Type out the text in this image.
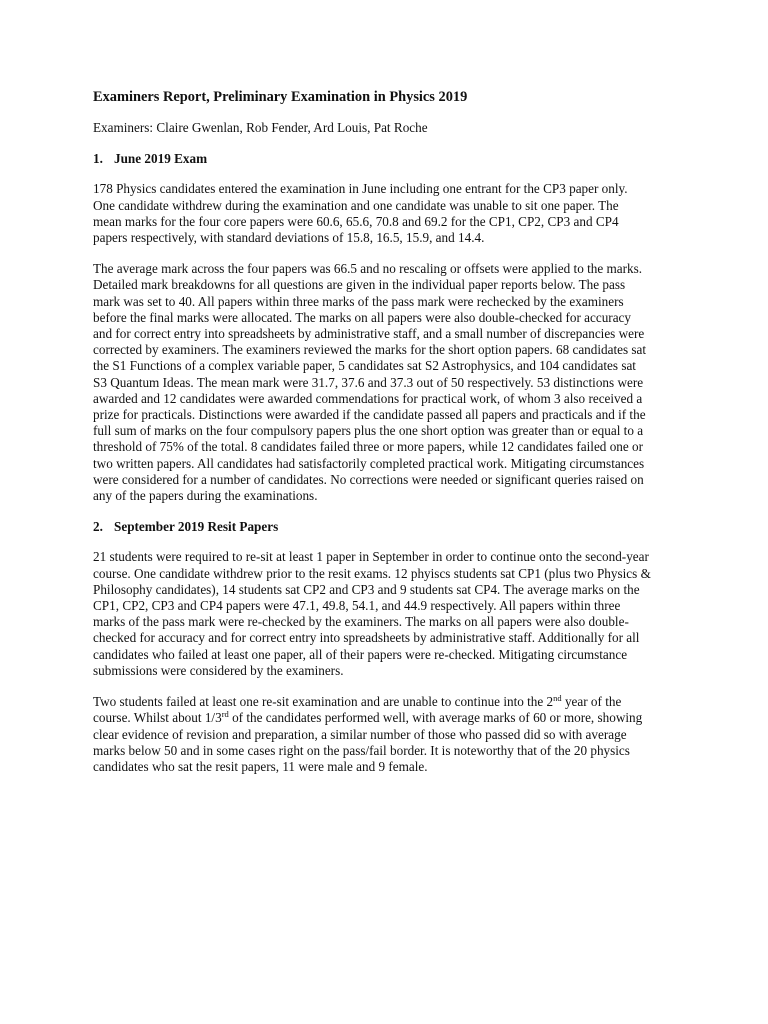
Examiners Report, Preliminary Examination in Physics 2019
Examiners: Claire Gwenlan, Rob Fender, Ard Louis, Pat Roche
1. June 2019 Exam
178 Physics candidates entered the examination in June including one entrant for the CP3 paper only.
One candidate withdrew during the examination and one candidate was unable to sit one paper. The
mean marks for the four core papers were 60.6, 65.6, 70.8 and 69.2 for the CP1, CP2, CP3 and CP4
papers respectively, with standard deviations of 15.8, 16.5, 15.9, and 14.4.
The average mark across the four papers was 66.5 and no rescaling or offsets were applied to the marks.
Detailed mark breakdowns for all questions are given in the individual paper reports below. The pass
mark was set to 40. All papers within three marks of the pass mark were rechecked by the examiners
before the final marks were allocated. The marks on all papers were also double-checked for accuracy
and for correct entry into spreadsheets by administrative staff, and a small number of discrepancies were
corrected by examiners. The examiners reviewed the marks for the short option papers. 68 candidates sat
the S1 Functions of a complex variable paper, 5 candidates sat S2 Astrophysics, and 104 candidates sat
S3 Quantum Ideas. The mean mark were 31.7, 37.6 and 37.3 out of 50 respectively. 53 distinctions were
awarded and 12 candidates were awarded commendations for practical work, of whom 3 also received a
prize for practicals. Distinctions were awarded if the candidate passed all papers and practicals and if the
full sum of marks on the four compulsory papers plus the one short option was greater than or equal to a
threshold of 75% of the total. 8 candidates failed three or more papers, while 12 candidates failed one or
two written papers. All candidates had satisfactorily completed practical work. Mitigating circumstances
were considered for a number of candidates. No corrections were needed or significant queries raised on
any of the papers during the examinations.
2. September 2019 Resit Papers
21 students were required to re-sit at least 1 paper in September in order to continue onto the second-year
course. One candidate withdrew prior to the resit exams. 12 phyiscs students sat CP1 (plus two Physics &
Philosophy candidates), 14 students sat CP2 and CP3 and 9 students sat CP4. The average marks on the
CP1, CP2, CP3 and CP4 papers were 47.1, 49.8, 54.1, and 44.9 respectively. All papers within three
marks of the pass mark were re-checked by the examiners. The marks on all papers were also double-
checked for accuracy and for correct entry into spreadsheets by administrative staff. Additionally for all
candidates who failed at least one paper, all of their papers were re-checked. Mitigating circumstance
submissions were considered by the examiners.
Two students failed at least one re-sit examination and are unable to continue into the 2nd year of the
course. Whilst about 1/3rd of the candidates performed well, with average marks of 60 or more, showing
clear evidence of revision and preparation, a similar number of those who passed did so with average
marks below 50 and in some cases right on the pass/fail border. It is noteworthy that of the 20 physics
candidates who sat the resit papers, 11 were male and 9 female.
